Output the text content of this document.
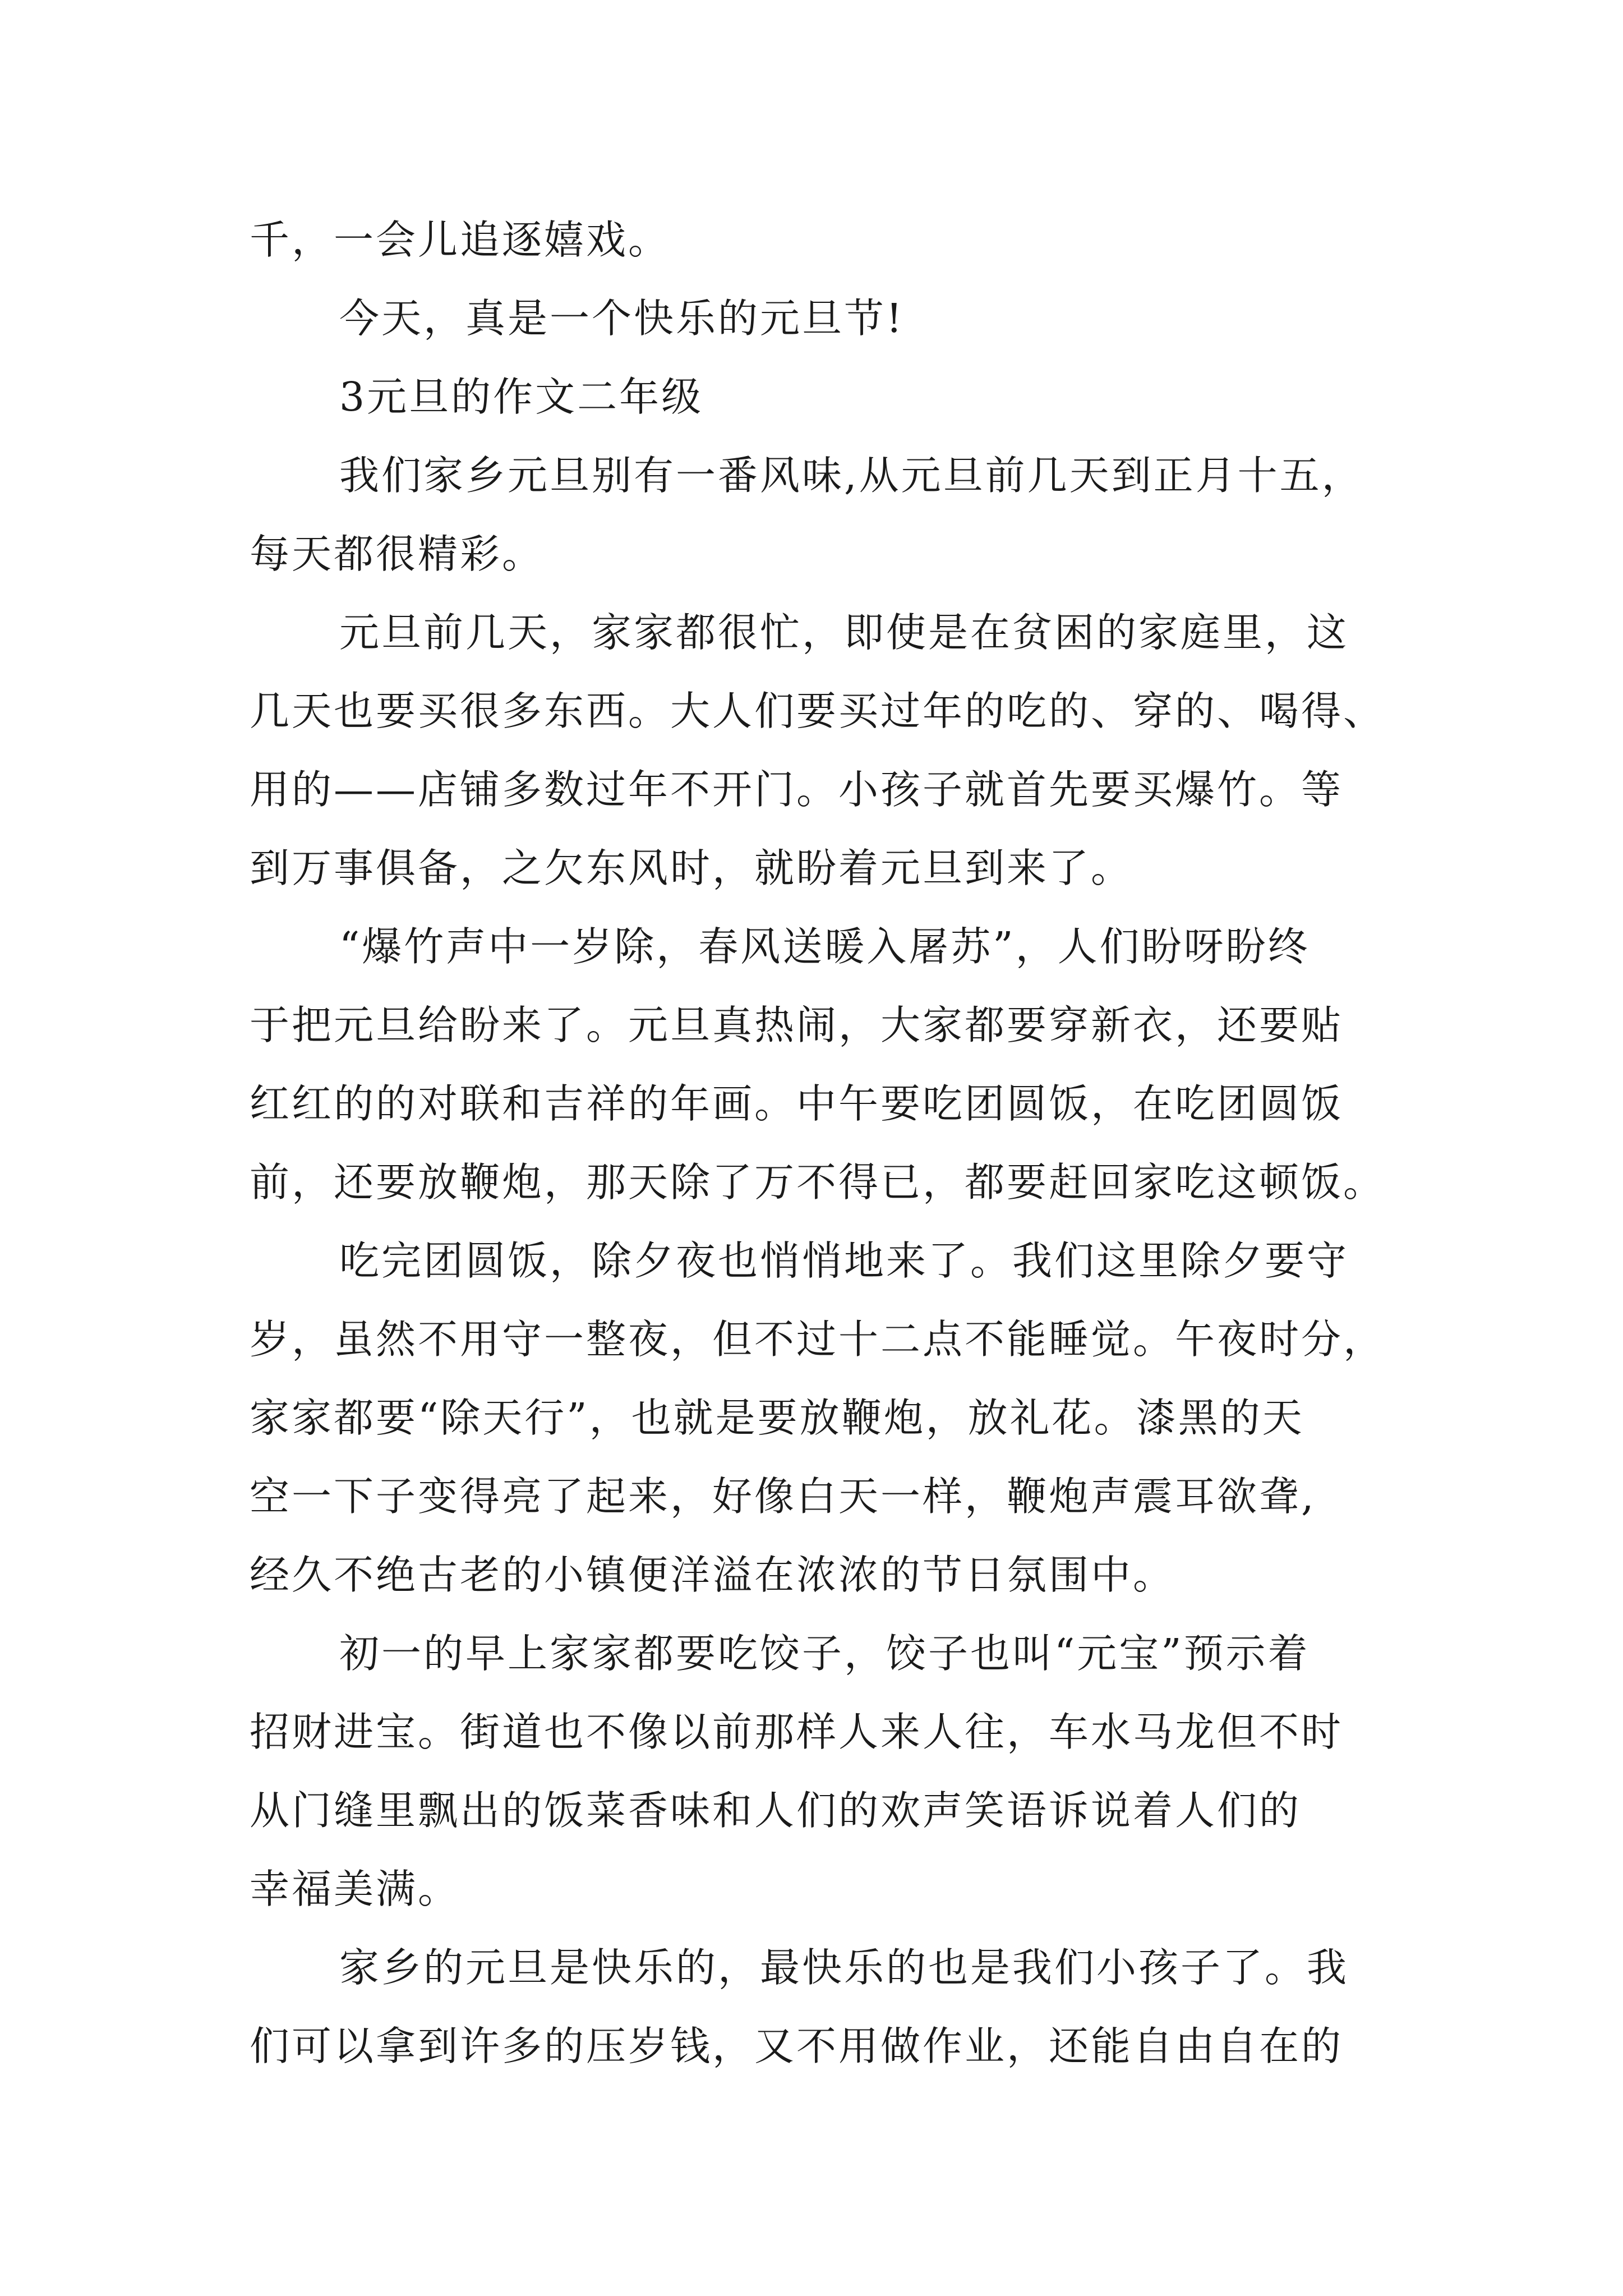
千，一会儿追逐嬉戏。
今天，真是一个快乐的元旦节!
3元旦的作文二年级
我们家乡元旦别有一番风味,从元旦前几天到正月十五，
每天都很精彩。
元旦前几天，家家都很忙，即使是在贫困的家庭里，这
几天也要买很多东西。大人们要买过年的吃的、穿的、喝得、
用的——店铺多数过年不开门。小孩子就首先要买爆竹。等
到万事俱备，之欠东风时，就盼着元旦到来了。
“爆竹声中一岁除，春风送暖入屠苏”，人们盼呀盼终
于把元旦给盼来了。元旦真热闹，大家都要穿新衣，还要贴
红红的的对联和吉祥的年画。中午要吃团圆饭，在吃团圆饭
前，还要放鞭炮，那天除了万不得已，都要赶回家吃这顿饭。
吃完团圆饭，除夕夜也悄悄地来了。我们这里除夕要守
岁，虽然不用守一整夜，但不过十二点不能睡觉。午夜时分，
家家都要“除天行”，也就是要放鞭炮，放礼花。漆黑的天
空一下子变得亮了起来，好像白天一样，鞭炮声震耳欲聋,
经久不绝古老的小镇便洋溢在浓浓的节日氛围中。
初一的早上家家都要吃饺子，饺子也叫“元宝”预示着
招财进宝。街道也不像以前那样人来人往，车水马龙但不时
从门缝里飘出的饭菜香味和人们的欢声笑语诉说着人们的
幸福美满。
家乡的元旦是快乐的，最快乐的也是我们小孩子了。我
们可以拿到许多的压岁钱，又不用做作业，还能自由自在的
